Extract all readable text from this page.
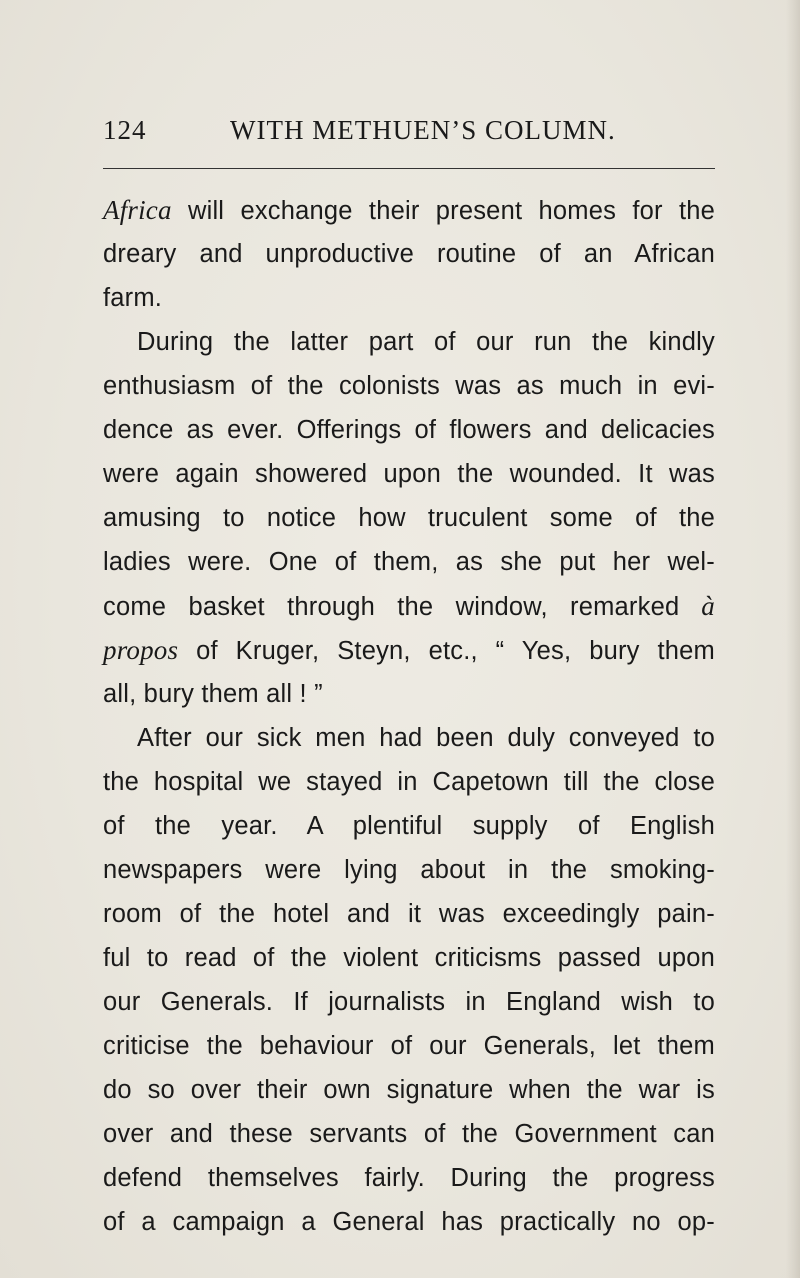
124	WITH METHUEN’S COLUMN.
Africa will exchange their present homes for the
dreary and unproductive routine of an African
farm.
During the latter part of our run the kindly
enthusiasm of the colonists was as much in evi-
dence as ever. Offerings of flowers and delicacies
were again showered upon the wounded. It was
amusing to notice how truculent some of the
ladies were. One of them, as she put her wel-
come basket through the window, remarked à
propos of Kruger, Steyn, etc., “ Yes, bury them
all, bury them all ! ”
After our sick men had been duly conveyed to
the hospital we stayed in Capetown till the close
of the year. A plentiful supply of English
newspapers were lying about in the smoking-
room of the hotel and it was exceedingly pain-
ful to read of the violent criticisms passed upon
our Generals. If journalists in England wish to
criticise the behaviour of our Generals, let them
do so over their own signature when the war is
over and these servants of the Government can
defend themselves fairly. During the progress
of a campaign a General has practically no op-
